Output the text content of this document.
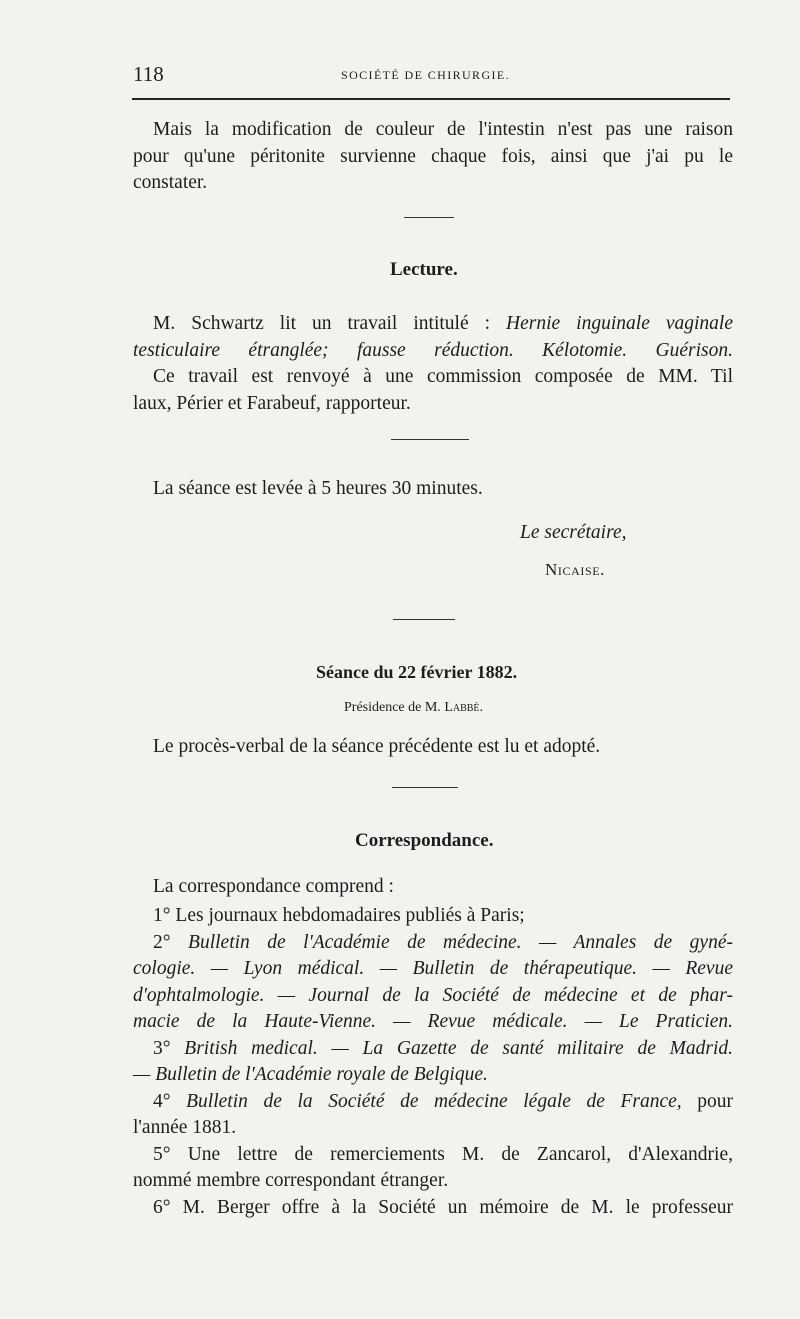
118	SOCIÉTÉ DE CHIRURGIE.
Mais la modification de couleur de l'intestin n'est pas une raison
pour qu'une péritonite survienne chaque fois, ainsi que j'ai pu le
constater.
Lecture.
M. Schwartz lit un travail intitulé : Hernie inguinale vaginale
testiculaire étranglée; fausse réduction. Kélotomie. Guérison.
Ce travail est renvoyé à une commission composée de MM. Til
laux, Périer et Farabeuf, rapporteur.
La séance est levée à 5 heures 30 minutes.
Le secrétaire,
Nicaise.
Séance du 22 février 1882.
Présidence de M. Labbé.
Le procès-verbal de la séance précédente est lu et adopté.
Correspondance.
La correspondance comprend :
1° Les journaux hebdomadaires publiés à Paris;
2° Bulletin de l'Académie de médecine. — Annales de gyné-
cologie. — Lyon médical. — Bulletin de thérapeutique. — Revue
d'ophtalmologie. — Journal de la Société de médecine et de phar-
macie de la Haute-Vienne. — Revue médicale. — Le Praticien.
3° British medical. — La Gazette de santé militaire de Madrid.
— Bulletin de l'Académie royale de Belgique.
4° Bulletin de la Société de médecine légale de France, pour
l'année 1881.
5° Une lettre de remerciements M. de Zancarol, d'Alexandrie,
nommé membre correspondant étranger.
6° M. Berger offre à la Société un mémoire de M. le professeur
